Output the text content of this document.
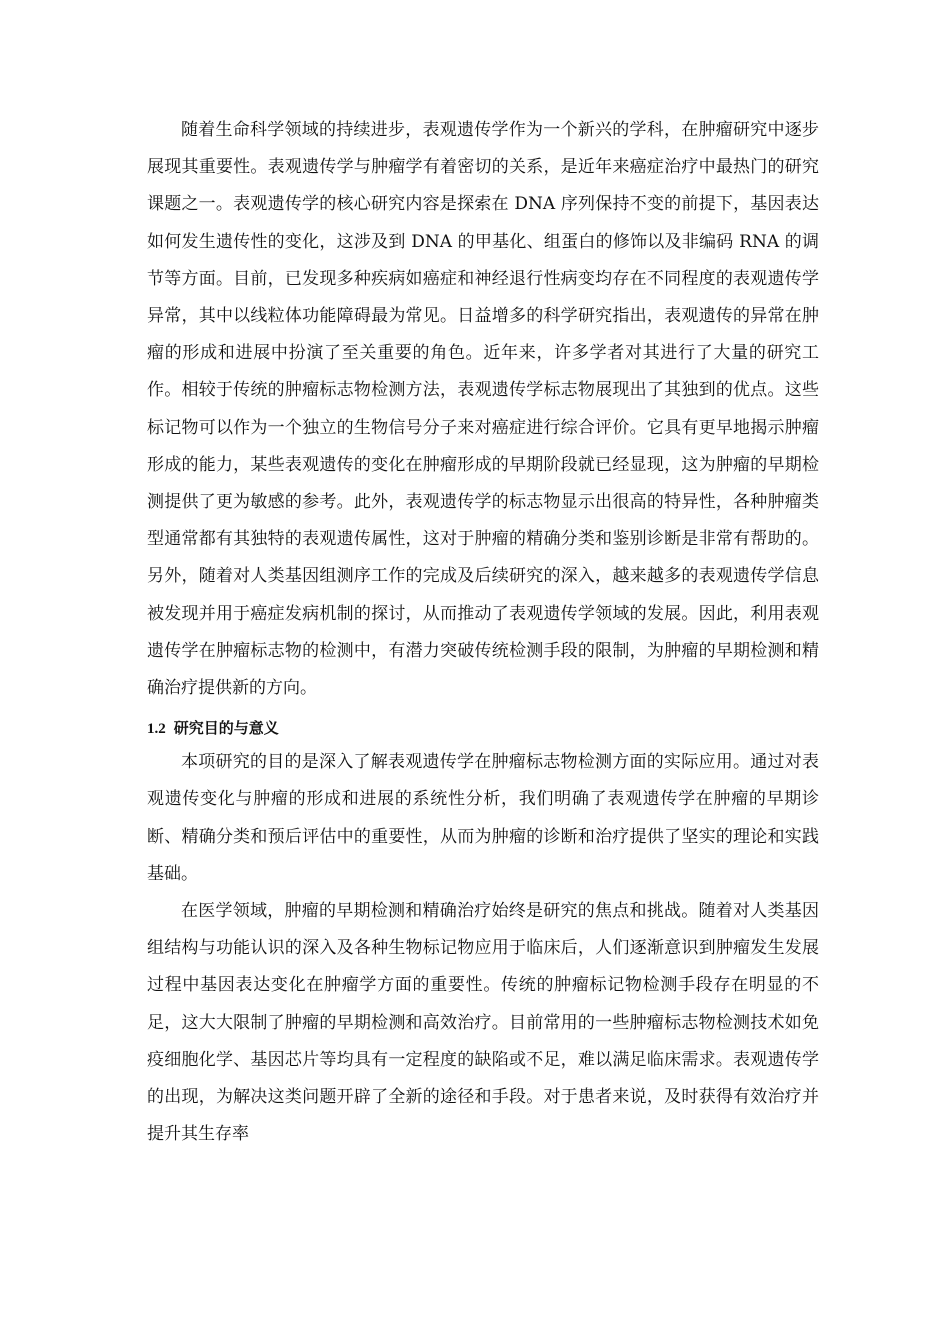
随着生命科学领域的持续进步，表观遗传学作为一个新兴的学科，在肿瘤研究中逐步展现其重要性。表观遗传学与肿瘤学有着密切的关系，是近年来癌症治疗中最热门的研究课题之一。表观遗传学的核心研究内容是探索在 DNA 序列保持不变的前提下，基因表达如何发生遗传性的变化，这涉及到 DNA 的甲基化、组蛋白的修饰以及非编码 RNA 的调节等方面。目前，已发现多种疾病如癌症和神经退行性病变均存在不同程度的表观遗传学异常，其中以线粒体功能障碍最为常见。日益增多的科学研究指出，表观遗传的异常在肿瘤的形成和进展中扮演了至关重要的角色。近年来，许多学者对其进行了大量的研究工作。相较于传统的肿瘤标志物检测方法，表观遗传学标志物展现出了其独到的优点。这些标记物可以作为一个独立的生物信号分子来对癌症进行综合评价。它具有更早地揭示肿瘤形成的能力，某些表观遗传的变化在肿瘤形成的早期阶段就已经显现，这为肿瘤的早期检测提供了更为敏感的参考。此外，表观遗传学的标志物显示出很高的特异性，各种肿瘤类型通常都有其独特的表观遗传属性，这对于肿瘤的精确分类和鉴别诊断是非常有帮助的。另外，随着对人类基因组测序工作的完成及后续研究的深入，越来越多的表观遗传学信息被发现并用于癌症发病机制的探讨，从而推动了表观遗传学领域的发展。因此，利用表观遗传学在肿瘤标志物的检测中，有潜力突破传统检测手段的限制，为肿瘤的早期检测和精确治疗提供新的方向。

1.2 研究目的与意义

本项研究的目的是深入了解表观遗传学在肿瘤标志物检测方面的实际应用。通过对表观遗传变化与肿瘤的形成和进展的系统性分析，我们明确了表观遗传学在肿瘤的早期诊断、精确分类和预后评估中的重要性，从而为肿瘤的诊断和治疗提供了坚实的理论和实践基础。

在医学领域，肿瘤的早期检测和精确治疗始终是研究的焦点和挑战。随着对人类基因组结构与功能认识的深入及各种生物标记物应用于临床后，人们逐渐意识到肿瘤发生发展过程中基因表达变化在肿瘤学方面的重要性。传统的肿瘤标记物检测手段存在明显的不足，这大大限制了肿瘤的早期检测和高效治疗。目前常用的一些肿瘤标志物检测技术如免疫细胞化学、基因芯片等均具有一定程度的缺陷或不足，难以满足临床需求。表观遗传学的出现，为解决这类问题开辟了全新的途径和手段。对于患者来说，及时获得有效治疗并提升其生存率
